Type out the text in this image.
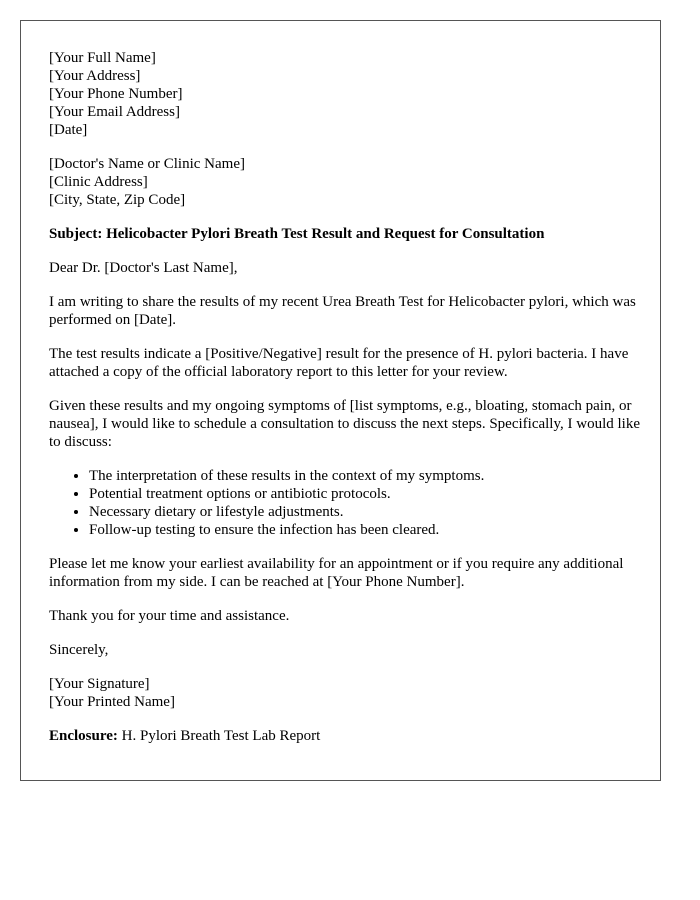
[Your Full Name]
[Your Address]
[Your Phone Number]
[Your Email Address]
[Date]

[Doctor's Name or Clinic Name]
[Clinic Address]
[City, State, Zip Code]

Subject: Helicobacter Pylori Breath Test Result and Request for Consultation

Dear Dr. [Doctor's Last Name],

I am writing to share the results of my recent Urea Breath Test for Helicobacter pylori, which was performed on [Date].

The test results indicate a [Positive/Negative] result for the presence of H. pylori bacteria. I have attached a copy of the official laboratory report to this letter for your review.

Given these results and my ongoing symptoms of [list symptoms, e.g., bloating, stomach pain, or nausea], I would like to schedule a consultation to discuss the next steps. Specifically, I would like to discuss:

• The interpretation of these results in the context of my symptoms.
• Potential treatment options or antibiotic protocols.
• Necessary dietary or lifestyle adjustments.
• Follow-up testing to ensure the infection has been cleared.

Please let me know your earliest availability for an appointment or if you require any additional information from my side. I can be reached at [Your Phone Number].

Thank you for your time and assistance.

Sincerely,

[Your Signature]
[Your Printed Name]

Enclosure: H. Pylori Breath Test Lab Report
